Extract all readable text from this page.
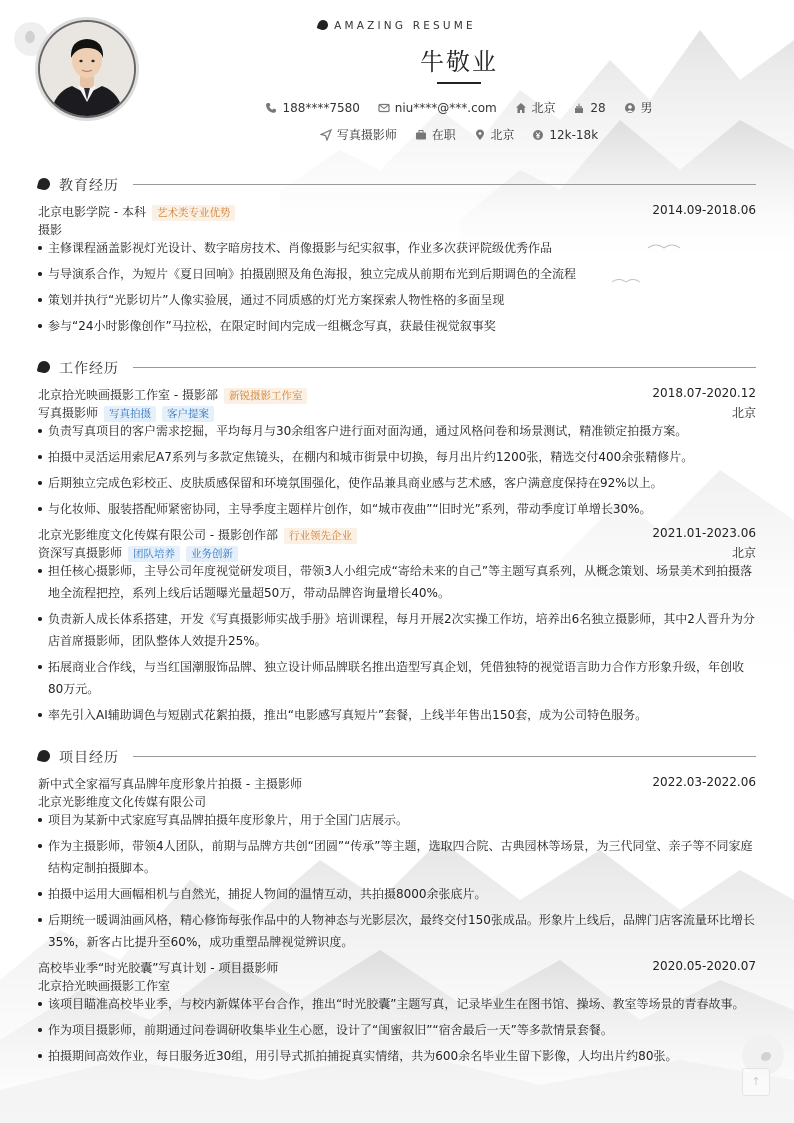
AMAZING RESUME
牛敬业
188****7580	niu****@***.com	北京	28	男
写真摄影师	在职	北京	12k-18k
教育经历
北京电影学院 - 本科 艺术类专业优势	2014.09-2018.06
摄影
主修课程涵盖影视灯光设计、数字暗房技术、肖像摄影与纪实叙事，作业多次获评院级优秀作品
与导演系合作，为短片《夏日回响》拍摄剧照及角色海报，独立完成从前期布光到后期调色的全流程
策划并执行“光影切片”人像实验展，通过不同质感的灯光方案探索人物性格的多面呈现
参与“24小时影像创作”马拉松，在限定时间内完成一组概念写真，获最佳视觉叙事奖
工作经历
北京拾光映画摄影工作室 - 摄影部 新锐摄影工作室	2018.07-2020.12
写真摄影师 写真拍摄 客户提案	北京
负责写真项目的客户需求挖掘，平均每月与30余组客户进行面对面沟通，通过风格问卷和场景测试，精准锁定拍摄方案。
拍摄中灵活运用索尼A7系列与多款定焦镜头，在棚内和城市街景中切换，每月出片约1200张，精选交付400余张精修片。
后期独立完成色彩校正、皮肤质感保留和环境氛围强化，使作品兼具商业感与艺术感，客户满意度保持在92%以上。
与化妆师、服装搭配师紧密协同，主导季度主题样片创作，如“城市夜曲”“旧时光”系列，带动季度订单增长30%。
北京光影维度文化传媒有限公司 - 摄影创作部 行业领先企业	2021.01-2023.06
资深写真摄影师 团队培养 业务创新	北京
担任核心摄影师，主导公司年度视觉研发项目，带领3人小组完成“寄给未来的自己”等主题写真系列，从概念策划、场景美术到拍摄落地全流程把控，系列上线后话题曝光量超50万，带动品牌咨询量增长40%。
负责新人成长体系搭建，开发《写真摄影师实战手册》培训课程，每月开展2次实操工作坊，培养出6名独立摄影师，其中2人晋升为分店首席摄影师，团队整体人效提升25%。
拓展商业合作线，与当红国潮服饰品牌、独立设计师品牌联名推出造型写真企划，凭借独特的视觉语言助力合作方形象升级，年创收80万元。
率先引入AI辅助调色与短剧式花絮拍摄，推出“电影感写真短片”套餐，上线半年售出150套，成为公司特色服务。
项目经历
新中式全家福写真品牌年度形象片拍摄 - 主摄影师	2022.03-2022.06
北京光影维度文化传媒有限公司
项目为某新中式家庭写真品牌拍摄年度形象片，用于全国门店展示。
作为主摄影师，带领4人团队，前期与品牌方共创“团圆”“传承”等主题，选取四合院、古典园林等场景，为三代同堂、亲子等不同家庭结构定制拍摄脚本。
拍摄中运用大画幅相机与自然光，捕捉人物间的温情互动，共拍摄8000余张底片。
后期统一暖调油画风格，精心修饰每张作品中的人物神态与光影层次，最终交付150张成品。形象片上线后，品牌门店客流量环比增长35%，新客占比提升至60%，成功重塑品牌视觉辨识度。
高校毕业季“时光胶囊”写真计划 - 项目摄影师	2020.05-2020.07
北京拾光映画摄影工作室
该项目瞄准高校毕业季，与校内新媒体平台合作，推出“时光胶囊”主题写真，记录毕业生在图书馆、操场、教室等场景的青春故事。
作为项目摄影师，前期通过问卷调研收集毕业生心愿，设计了“闺蜜叙旧”“宿舍最后一天”等多款情景套餐。
拍摄期间高效作业，每日服务近30组，用引导式抓拍捕捉真实情绪，共为600余名毕业生留下影像，人均出片约80张。
↑
